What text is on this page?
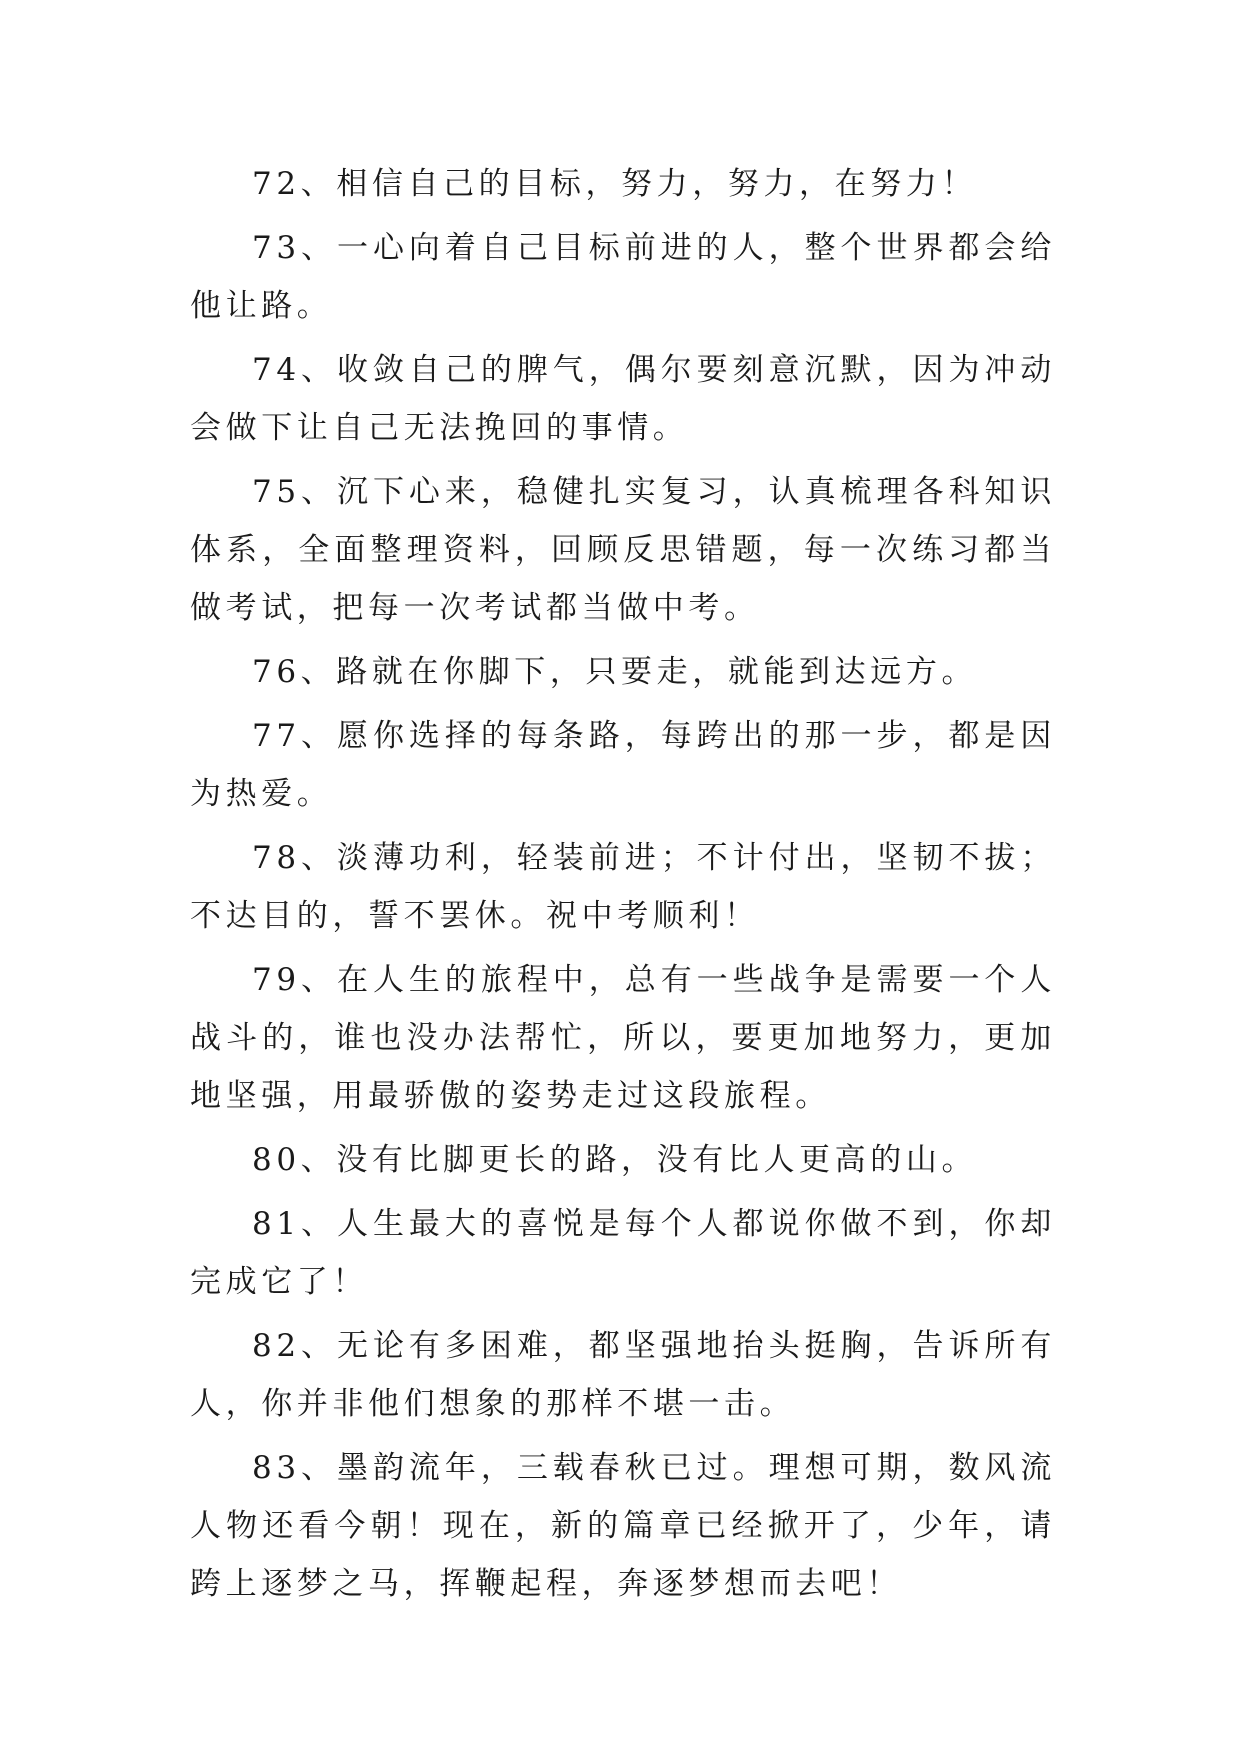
72、相信自己的目标，努力，努力，在努力！

73、一心向着自己目标前进的人，整个世界都会给他让路。

74、收敛自己的脾气，偶尔要刻意沉默，因为冲动会做下让自己无法挽回的事情。

75、沉下心来，稳健扎实复习，认真梳理各科知识体系，全面整理资料，回顾反思错题，每一次练习都当做考试，把每一次考试都当做中考。

76、路就在你脚下，只要走，就能到达远方。

77、愿你选择的每条路，每跨出的那一步，都是因为热爱。

78、淡薄功利，轻装前进；不计付出，坚韧不拔；不达目的，誓不罢休。祝中考顺利！

79、在人生的旅程中，总有一些战争是需要一个人战斗的，谁也没办法帮忙，所以，要更加地努力，更加地坚强，用最骄傲的姿势走过这段旅程。

80、没有比脚更长的路，没有比人更高的山。

81、人生最大的喜悦是每个人都说你做不到，你却完成它了！

82、无论有多困难，都坚强地抬头挺胸，告诉所有人，你并非他们想象的那样不堪一击。

83、墨韵流年，三载春秋已过。理想可期，数风流人物还看今朝！现在，新的篇章已经掀开了，少年，请跨上逐梦之马，挥鞭起程，奔逐梦想而去吧！
